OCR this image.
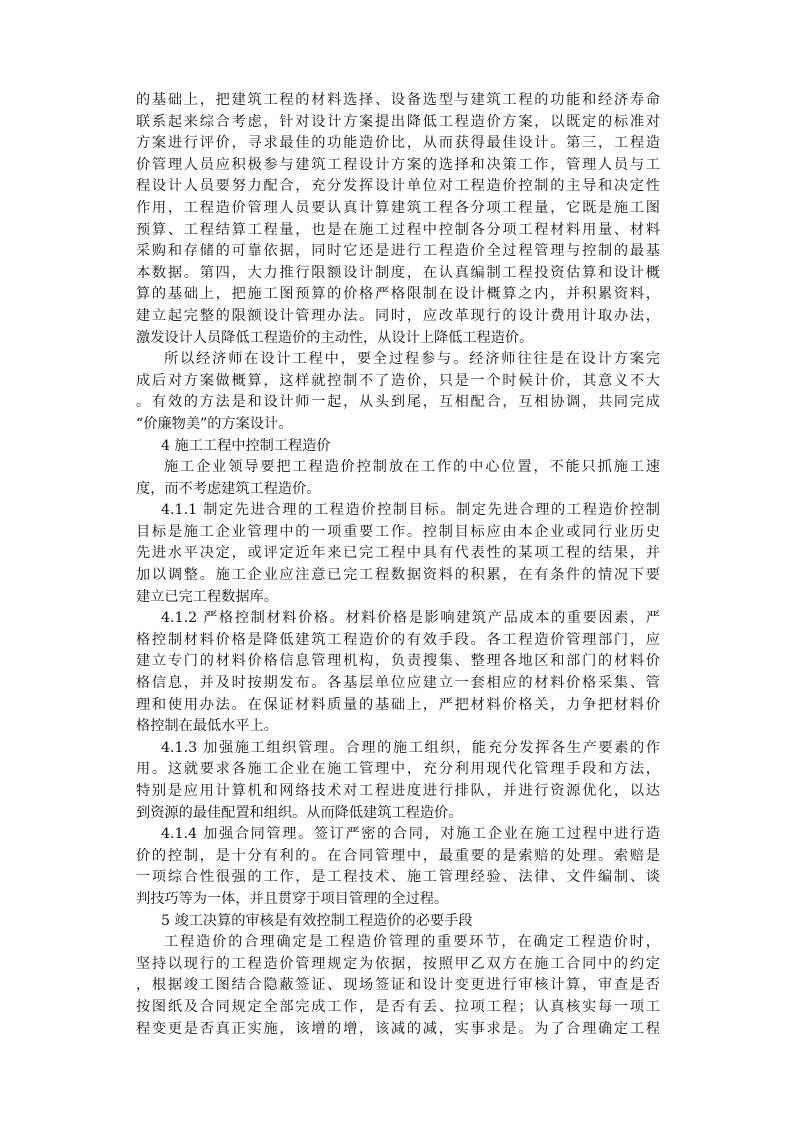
的基础上，把建筑工程的材料选择、设备选型与建筑工程的功能和经济寿命
联系起来综合考虑，针对设计方案提出降低工程造价方案，以既定的标准对
方案进行评价，寻求最佳的功能造价比，从而获得最佳设计。第三，工程造
价管理人员应积极参与建筑工程设计方案的选择和决策工作，管理人员与工
程设计人员要努力配合，充分发挥设计单位对工程造价控制的主导和决定性
作用，工程造价管理人员要认真计算建筑工程各分项工程量，它既是施工图
预算、工程结算工程量，也是在施工过程中控制各分项工程材料用量、材料
采购和存储的可靠依据，同时它还是进行工程造价全过程管理与控制的最基
本数据。第四，大力推行限额设计制度，在认真编制工程投资估算和设计概
算的基础上，把施工图预算的价格严格限制在设计概算之内，并积累资料，
建立起完整的限额设计管理办法。同时，应改革现行的设计费用计取办法，
激发设计人员降低工程造价的主动性，从设计上降低工程造价。
所以经济师在设计工程中，要全过程参与。经济师往往是在设计方案完
成后对方案做概算，这样就控制不了造价，只是一个时候计价，其意义不大
。有效的方法是和设计师一起，从头到尾，互相配合，互相协调，共同完成
“价廉物美”的方案设计。
4 施工工程中控制工程造价
施工企业领导要把工程造价控制放在工作的中心位置，不能只抓施工速
度，而不考虑建筑工程造价。
4.1.1 制定先进合理的工程造价控制目标。制定先进合理的工程造价控制
目标是施工企业管理中的一项重要工作。控制目标应由本企业或同行业历史
先进水平决定，或评定近年来已完工程中具有代表性的某项工程的结果，并
加以调整。施工企业应注意已完工程数据资料的积累，在有条件的情况下要
建立已完工程数据库。
4.1.2 严格控制材料价格。材料价格是影响建筑产品成本的重要因素，严
格控制材料价格是降低建筑工程造价的有效手段。各工程造价管理部门，应
建立专门的材料价格信息管理机构，负责搜集、整理各地区和部门的材料价
格信息，并及时按期发布。各基层单位应建立一套相应的材料价格采集、管
理和使用办法。在保证材料质量的基础上，严把材料价格关，力争把材料价
格控制在最低水平上。
4.1.3 加强施工组织管理。合理的施工组织，能充分发挥各生产要素的作
用。这就要求各施工企业在施工管理中，充分利用现代化管理手段和方法，
特别是应用计算机和网络技术对工程进度进行排队，并进行资源优化，以达
到资源的最佳配置和组织。从而降低建筑工程造价。
4.1.4 加强合同管理。签订严密的合同，对施工企业在施工过程中进行造
价的控制，是十分有利的。在合同管理中，最重要的是索赔的处理。索赔是
一项综合性很强的工作，是工程技术、施工管理经验、法律、文件编制、谈
判技巧等为一体，并且贯穿于项目管理的全过程。
5 竣工决算的审核是有效控制工程造价的必要手段
工程造价的合理确定是工程造价管理的重要环节，在确定工程造价时，
坚持以现行的工程造价管理规定为依据，按照甲乙双方在施工合同中的约定
，根据竣工图结合隐蔽签证、现场签证和设计变更进行审核计算，审查是否
按图纸及合同规定全部完成工作，是否有丢、拉项工程；认真核实每一项工
程变更是否真正实施，该增的增，该减的减，实事求是。为了合理确定工程
